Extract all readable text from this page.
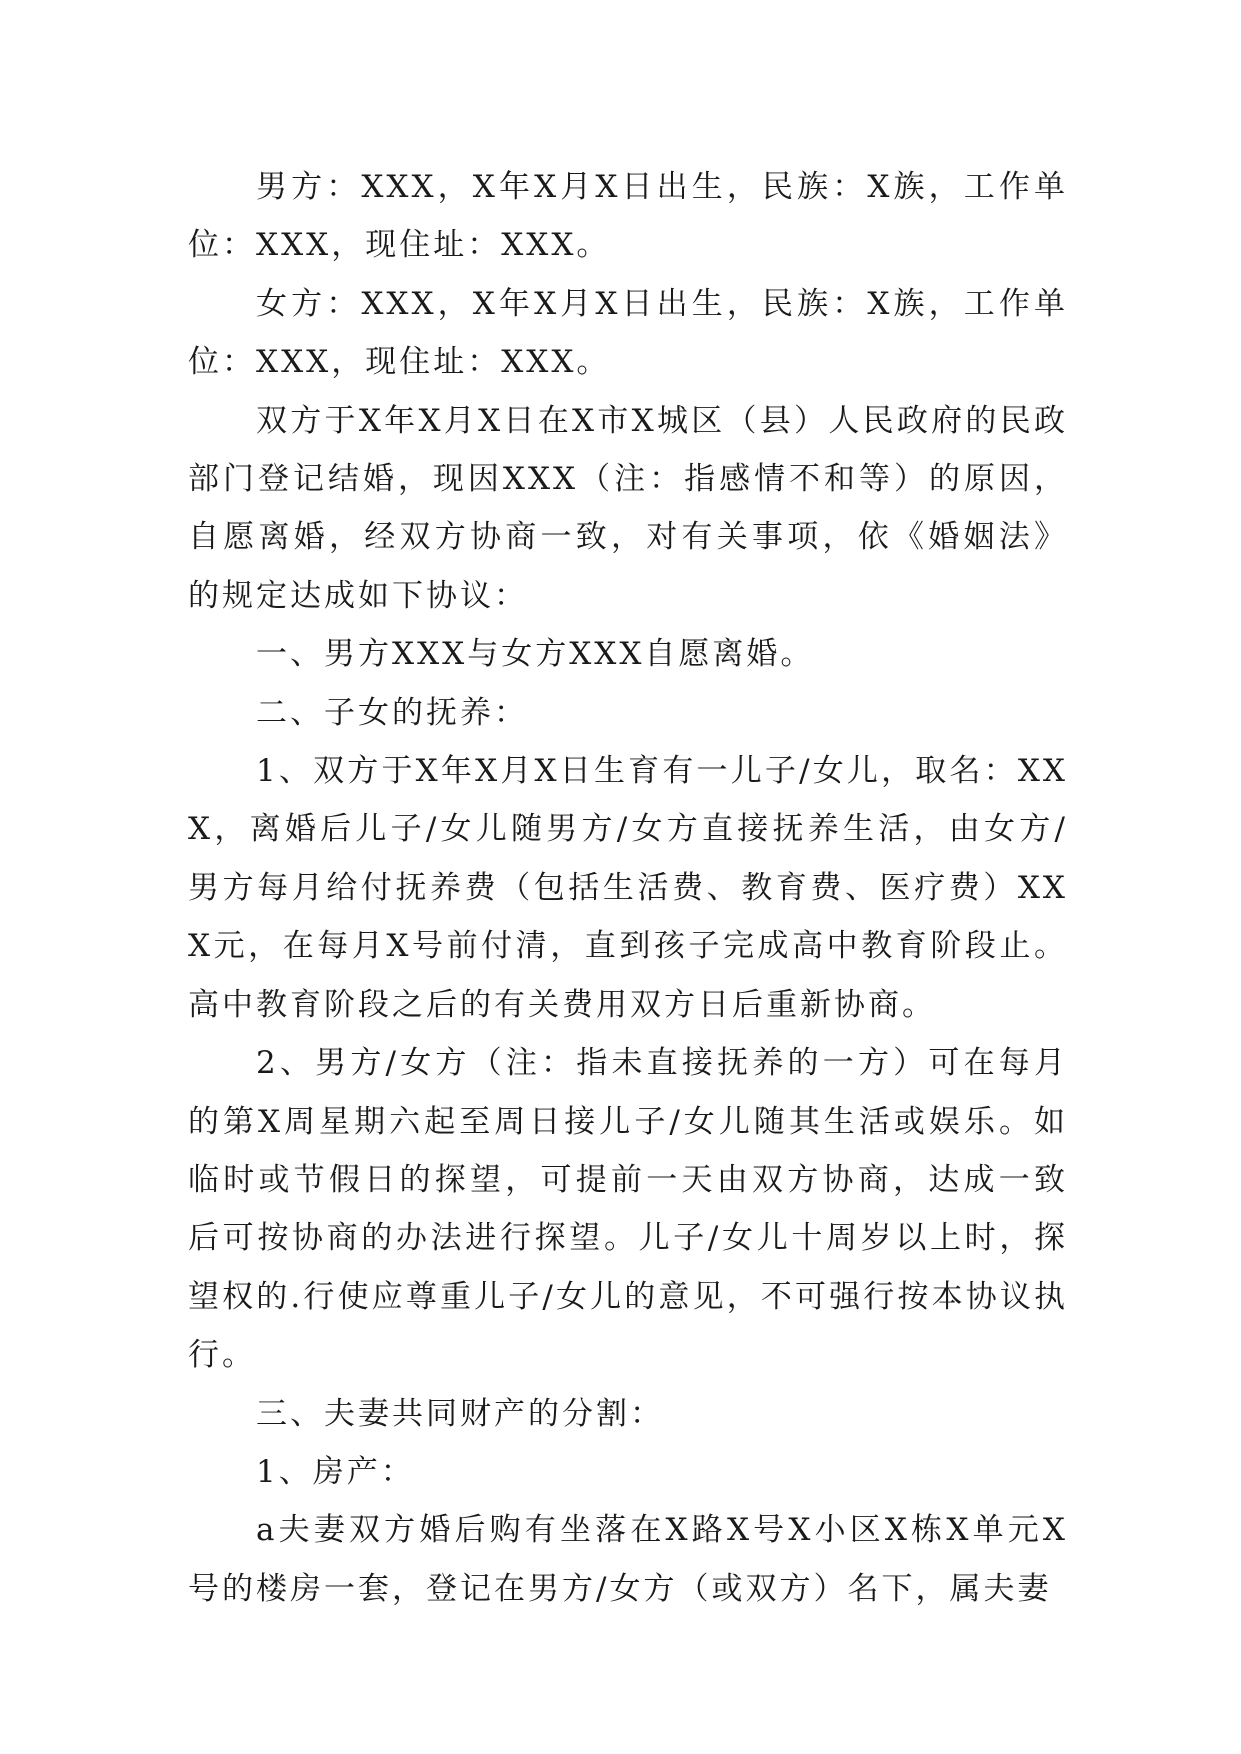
男方：XXX，X年X月X日出生，民族：X族，工作单位：XXX，现住址：XXX。

女方：XXX，X年X月X日出生，民族：X族，工作单位：XXX，现住址：XXX。

双方于X年X月X日在X市X城区（县）人民政府的民政部门登记结婚，现因XXX（注：指感情不和等）的原因，自愿离婚，经双方协商一致，对有关事项，依《婚姻法》的规定达成如下协议：

一、男方XXX与女方XXX自愿离婚。

二、子女的抚养：

1、双方于X年X月X日生育有一儿子/女儿，取名：XXX，离婚后儿子/女儿随男方/女方直接抚养生活，由女方/男方每月给付抚养费（包括生活费、教育费、医疗费）XXX元，在每月X号前付清，直到孩子完成高中教育阶段止。高中教育阶段之后的有关费用双方日后重新协商。

2、男方/女方（注：指未直接抚养的一方）可在每月的第X周星期六起至周日接儿子/女儿随其生活或娱乐。如临时或节假日的探望，可提前一天由双方协商，达成一致后可按协商的办法进行探望。儿子/女儿十周岁以上时，探望权的.行使应尊重儿子/女儿的意见，不可强行按本协议执行。

三、夫妻共同财产的分割：

1、房产：

a夫妻双方婚后购有坐落在X路X号X小区X栋X单元X号的楼房一套，登记在男方/女方（或双方）名下，属夫妻
